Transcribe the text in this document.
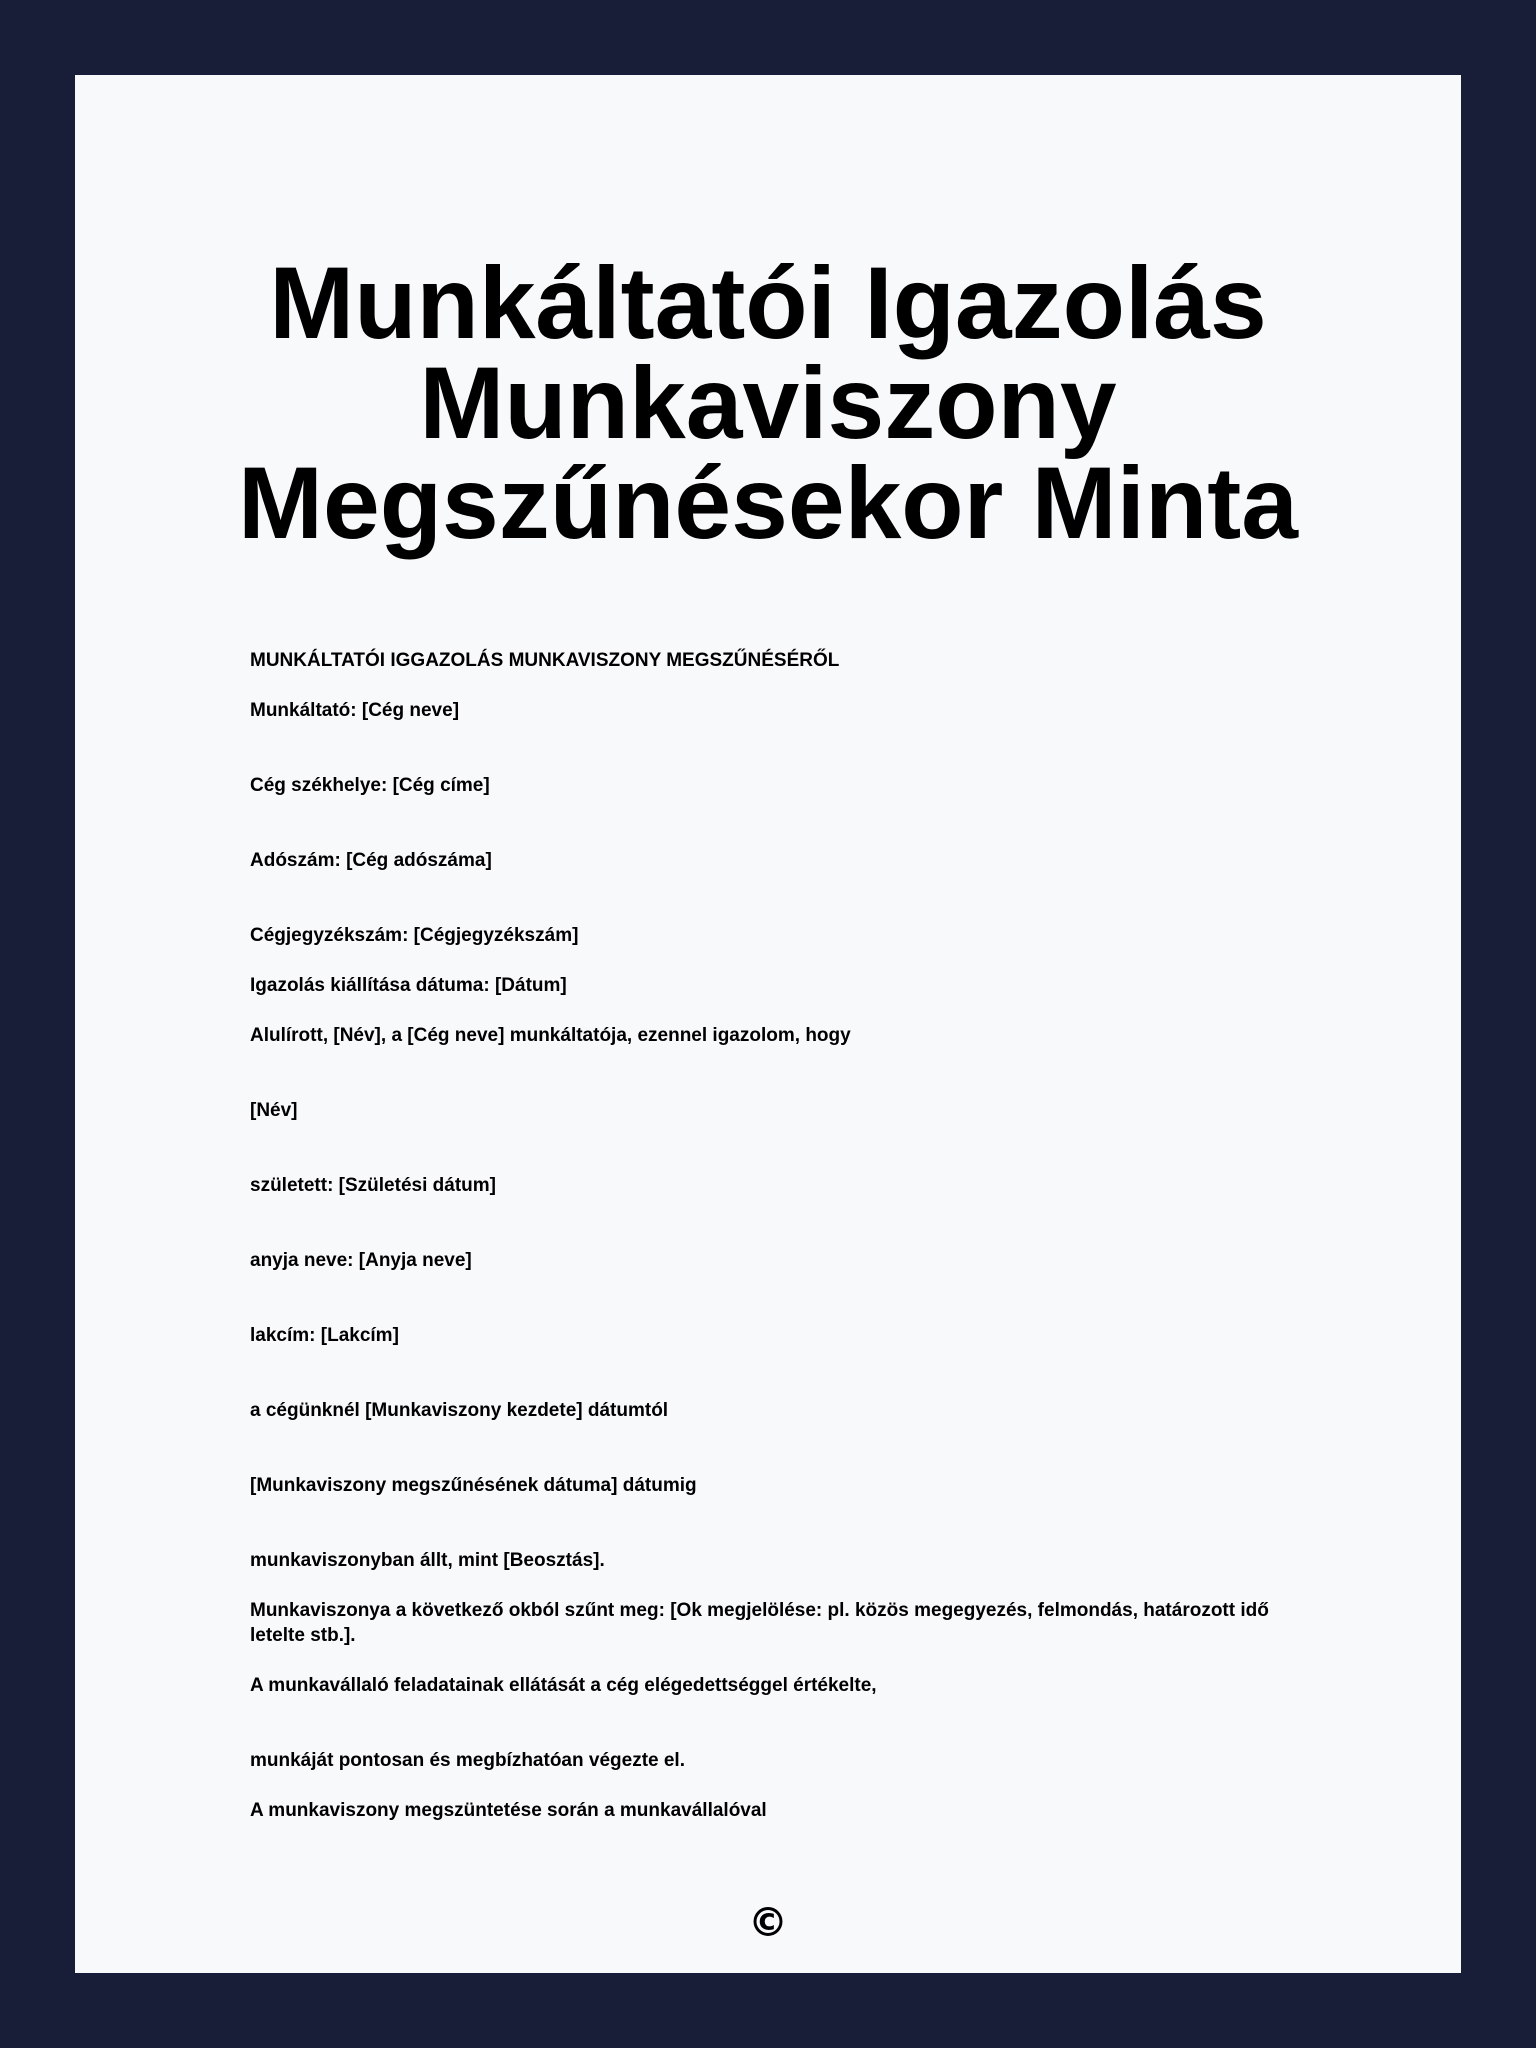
Munkáltatói Igazolás
Munkaviszony
Megszűnésekor Minta

MUNKÁLTATÓI IGGAZOLÁS MUNKAVISZONY MEGSZŰNÉSÉRŐL

Munkáltató: [Cég neve]

Cég székhelye: [Cég címe]

Adószám: [Cég adószáma]

Cégjegyzékszám: [Cégjegyzékszám]

Igazolás kiállítása dátuma: [Dátum]

Alulírott, [Név], a [Cég neve] munkáltatója, ezennel igazolom, hogy

[Név]

született: [Születési dátum]

anyja neve: [Anyja neve]

lakcím: [Lakcím]

a cégünknél [Munkaviszony kezdete] dátumtól

[Munkaviszony megszűnésének dátuma] dátumig

munkaviszonyban állt, mint [Beosztás].

Munkaviszonya a következő okból szűnt meg: [Ok megjelölése: pl. közös megegyezés, felmondás, határozott idő letelte stb.].

A munkavállaló feladatainak ellátását a cég elégedettséggel értékelte,

munkáját pontosan és megbízhatóan végezte el.

A munkaviszony megszüntetése során a munkavállalóval

©
